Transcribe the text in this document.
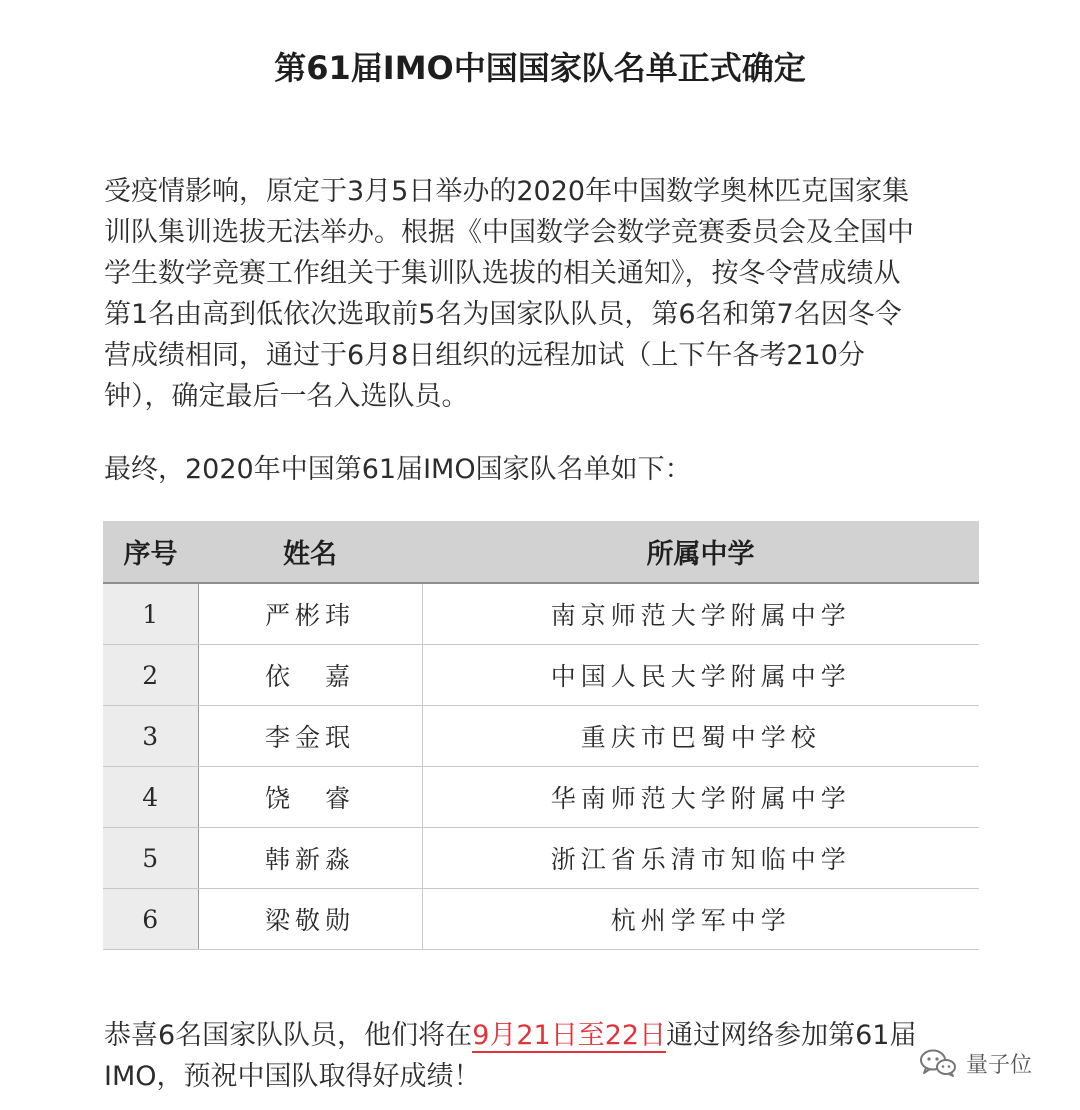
第61届IMO中国国家队名单正式确定
受疫情影响，原定于3月5日举办的2020年中国数学奥林匹克国家集
训队集训选拔无法举办。根据《中国数学会数学竞赛委员会及全国中
学生数学竞赛工作组关于集训队选拔的相关通知》，按冬令营成绩从
第1名由高到低依次选取前5名为国家队队员，第6名和第7名因冬令
营成绩相同，通过于6月8日组织的远程加试（上下午各考210分
钟），确定最后一名入选队员。
最终，2020年中国第61届IMO国家队名单如下：
序号	姓名	所属中学
1	严彬玮	南京师范大学附属中学
2	依　嘉	中国人民大学附属中学
3	李金珉	重庆市巴蜀中学校
4	饶　睿	华南师范大学附属中学
5	韩新淼	浙江省乐清市知临中学
6	梁敬勋	杭州学军中学
恭喜6名国家队队员，他们将在9月21日至22日通过网络参加第61届
IMO，预祝中国队取得好成绩！	量子位
